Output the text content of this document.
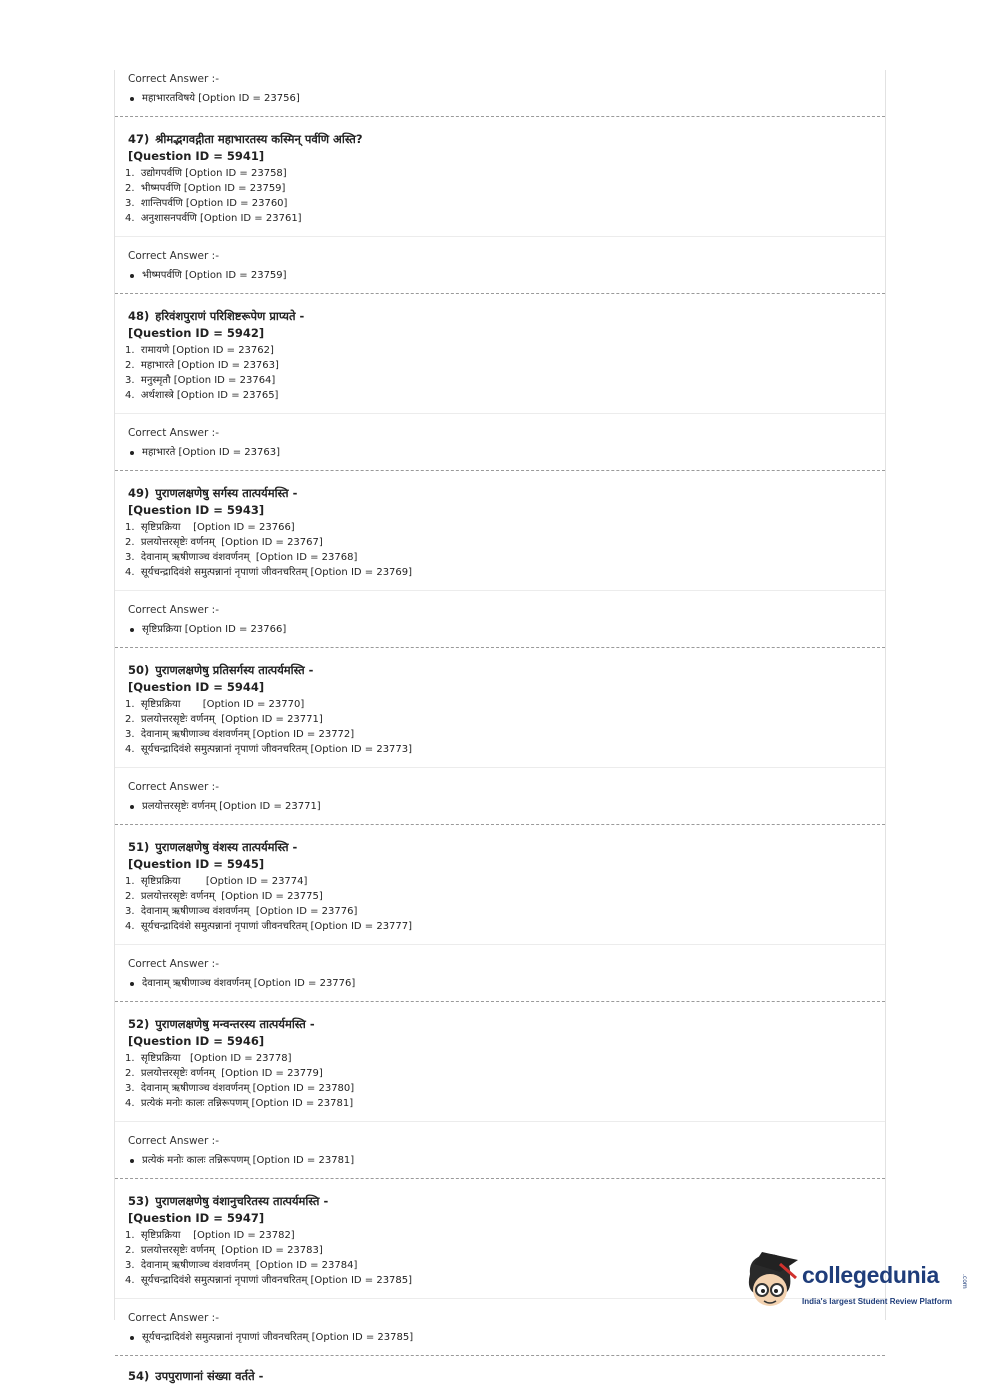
Correct Answer :-
महाभारतविषये [Option ID = 23756]
47) श्रीमद्भगवद्गीता महाभारतस्य कस्मिन् पर्वणि अस्ति?
[Question ID = 5941]
1.  उद्योगपर्वणि [Option ID = 23758]
2.  भीष्मपर्वणि [Option ID = 23759]
3.  शान्तिपर्वणि [Option ID = 23760]
4.  अनुशासनपर्वणि [Option ID = 23761]
Correct Answer :-
भीष्मपर्वणि [Option ID = 23759]
48) हरिवंशपुराणं परिशिष्टरूपेण प्राप्यते -
[Question ID = 5942]
1.  रामायणे [Option ID = 23762]
2.  महाभारते [Option ID = 23763]
3.  मनुस्मृतौ [Option ID = 23764]
4.  अर्थशास्त्रे [Option ID = 23765]
Correct Answer :-
महाभारते [Option ID = 23763]
49) पुराणलक्षणेषु सर्गस्य तात्पर्यमस्ति -
[Question ID = 5943]
1.  सृष्टिप्रक्रिया    [Option ID = 23766]
2.  प्रलयोत्तरसृष्टेः वर्णनम्  [Option ID = 23767]
3.  देवानाम् ऋषीणाञ्च वंशवर्णनम्  [Option ID = 23768]
4.  सूर्यचन्द्रादिवंशे समुत्पन्नानां नृपाणां जीवनचरितम् [Option ID = 23769]
Correct Answer :-
सृष्टिप्रक्रिया [Option ID = 23766]
50) पुराणलक्षणेषु प्रतिसर्गस्य तात्पर्यमस्ति -
[Question ID = 5944]
1.  सृष्टिप्रक्रिया       [Option ID = 23770]
2.  प्रलयोत्तरसृष्टेः वर्णनम्  [Option ID = 23771]
3.  देवानाम् ऋषीणाञ्च वंशवर्णनम् [Option ID = 23772]
4.  सूर्यचन्द्रादिवंशे समुत्पन्नानां नृपाणां जीवनचरितम् [Option ID = 23773]
Correct Answer :-
प्रलयोत्तरसृष्टेः वर्णनम् [Option ID = 23771]
51) पुराणलक्षणेषु वंशस्य तात्पर्यमस्ति -
[Question ID = 5945]
1.  सृष्टिप्रक्रिया        [Option ID = 23774]
2.  प्रलयोत्तरसृष्टेः वर्णनम्  [Option ID = 23775]
3.  देवानाम् ऋषीणाञ्च वंशवर्णनम्  [Option ID = 23776]
4.  सूर्यचन्द्रादिवंशे समुत्पन्नानां नृपाणां जीवनचरितम् [Option ID = 23777]
Correct Answer :-
देवानाम् ऋषीणाञ्च वंशवर्णनम् [Option ID = 23776]
52) पुराणलक्षणेषु मन्वन्तरस्य तात्पर्यमस्ति -
[Question ID = 5946]
1.  सृष्टिप्रक्रिया   [Option ID = 23778]
2.  प्रलयोत्तरसृष्टेः वर्णनम्  [Option ID = 23779]
3.  देवानाम् ऋषीणाञ्च वंशवर्णनम् [Option ID = 23780]
4.  प्रत्येकं मनोः कालः तन्निरूपणम् [Option ID = 23781]
Correct Answer :-
प्रत्येकं मनोः कालः तन्निरूपणम् [Option ID = 23781]
53) पुराणलक्षणेषु वंशानुचरितस्य तात्पर्यमस्ति -
[Question ID = 5947]
1.  सृष्टिप्रक्रिया    [Option ID = 23782]
2.  प्रलयोत्तरसृष्टेः वर्णनम्  [Option ID = 23783]
3.  देवानाम् ऋषीणाञ्च वंशवर्णनम्  [Option ID = 23784]
4.  सूर्यचन्द्रादिवंशे समुत्पन्नानां नृपाणां जीवनचरितम् [Option ID = 23785]
Correct Answer :-
सूर्यचन्द्रादिवंशे समुत्पन्नानां नृपाणां जीवनचरितम् [Option ID = 23785]
54) उपपुराणानां संख्या वर्तते -
collegedunia	.com
India's largest Student Review Platform
